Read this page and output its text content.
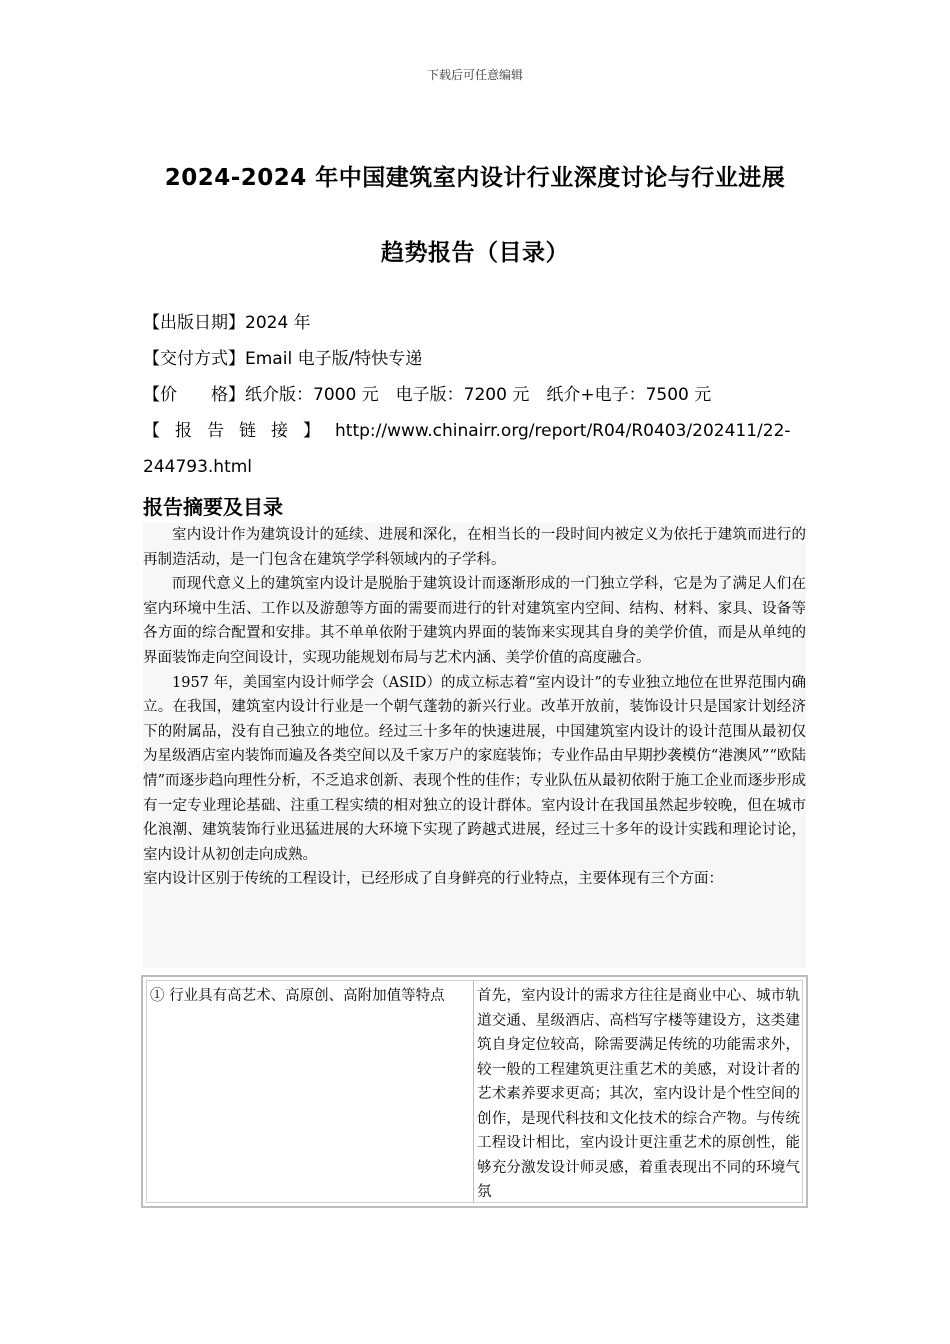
下载后可任意编辑
2024-2024 年中国建筑室内设计行业深度讨论与行业进展
趋势报告（目录）
【出版日期】2024 年
【交付方式】Email 电子版/特快专递
【价　　格】纸介版：7000 元　电子版：7200 元　纸介+电子：7500 元
【报告链接】http://www.chinairr.org/report/R04/R0403/202411/22-
244793.html
报告摘要及目录

室内设计作为建筑设计的延续、进展和深化，在相当长的一段时间内被定义为依托于建筑而进行的再制造活动，是一门包含在建筑学学科领域内的子学科。

而现代意义上的建筑室内设计是脱胎于建筑设计而逐渐形成的一门独立学科，它是为了满足人们在室内环境中生活、工作以及游憩等方面的需要而进行的针对建筑室内空间、结构、材料、家具、设备等各方面的综合配置和安排。其不单单依附于建筑内界面的装饰来实现其自身的美学价值，而是从单纯的界面装饰走向空间设计，实现功能规划布局与艺术内涵、美学价值的高度融合。

1957 年，美国室内设计师学会（ASID）的成立标志着“室内设计”的专业独立地位在世界范围内确立。在我国，建筑室内设计行业是一个朝气蓬勃的新兴行业。改革开放前，装饰设计只是国家计划经济下的附属品，没有自己独立的地位。经过三十多年的快速进展，中国建筑室内设计的设计范围从最初仅为星级酒店室内装饰而遍及各类空间以及千家万户的家庭装饰；专业作品由早期抄袭模仿“港澳风”“欧陆情”而逐步趋向理性分析，不乏追求创新、表现个性的佳作；专业队伍从最初依附于施工企业而逐步形成有一定专业理论基础、注重工程实绩的相对独立的设计群体。室内设计在我国虽然起步较晚，但在城市化浪潮、建筑装饰行业迅猛进展的大环境下实现了跨越式进展，经过三十多年的设计实践和理论讨论，室内设计从初创走向成熟。

室内设计区别于传统的工程设计，已经形成了自身鲜亮的行业特点，主要体现有三个方面：

① 行业具有高艺术、高原创、高附加值等特点	首先，室内设计的需求方往往是商业中心、城市轨道交通、星级酒店、高档写字楼等建设方，这类建筑自身定位较高，除需要满足传统的功能需求外，较一般的工程建筑更注重艺术的美感，对设计者的艺术素养要求更高；其次，室内设计是个性空间的创作，是现代科技和文化技术的综合产物。与传统工程设计相比，室内设计更注重艺术的原创性，能够充分激发设计师灵感，着重表现出不同的环境气氛
